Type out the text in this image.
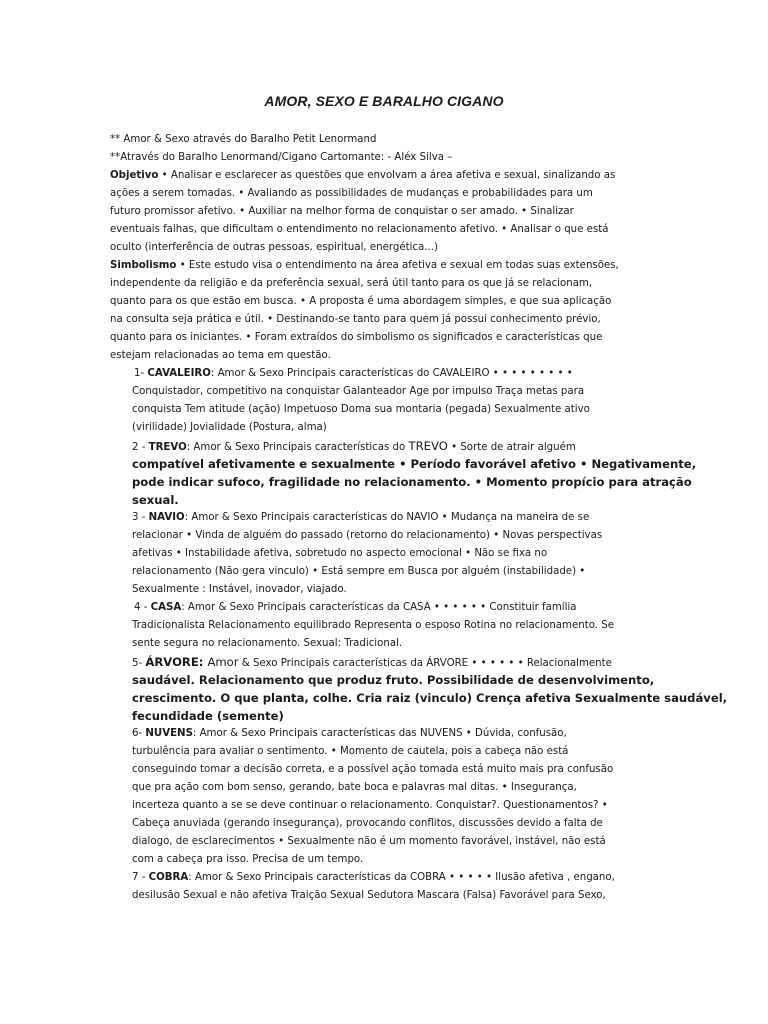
AMOR, SEXO E BARALHO CIGANO
** Amor & Sexo através do Baralho Petit Lenormand
**Através do Baralho Lenormand/Cigano Cartomante: - Aléx Silva –
Objetivo • Analisar e esclarecer as questões que envolvam a área afetiva e sexual, sinalizando as
ações a serem tomadas. • Avaliando as possibilidades de mudanças e probabilidades para um
futuro promissor afetivo. • Auxiliar na melhor forma de conquistar o ser amado. • Sinalizar
eventuais falhas, que dificultam o entendimento no relacionamento afetivo. • Analisar o que está
oculto (interferência de outras pessoas, espiritual, energética...)
Simbolismo • Este estudo visa o entendimento na área afetiva e sexual em todas suas extensões,
independente da religião e da preferência sexual, será útil tanto para os que já se relacionam,
quanto para os que estão em busca. • A proposta é uma abordagem simples, e que sua aplicação
na consulta seja prática e útil. • Destinando-se tanto para quem já possui conhecimento prévio,
quanto para os iniciantes. • Foram extraídos do simbolismo os significados e características que
estejam relacionadas ao tema em questão.
1- CAVALEIRO: Amor & Sexo Principais características do CAVALEIRO • • • • • • • • •
Conquistador, competitivo na conquistar Galanteador Age por impulso Traça metas para
conquista Tem atitude (ação) Impetuoso Doma sua montaria (pegada) Sexualmente ativo
(virilidade) Jovialidade (Postura, alma)
2 - TREVO: Amor & Sexo Principais características do TREVO • Sorte de atrair alguém
compatível afetivamente e sexualmente • Período favorável afetivo • Negativamente,
pode indicar sufoco, fragilidade no relacionamento. • Momento propício para atração
sexual.
3 - NAVIO: Amor & Sexo Principais características do NAVIO • Mudança na maneira de se
relacionar • Vinda de alguém do passado (retorno do relacionamento) • Novas perspectivas
afetivas • Instabilidade afetiva, sobretudo no aspecto emocional • Não se fixa no
relacionamento (Não gera vinculo) • Está sempre em Busca por alguém (instabilidade) •
Sexualmente : Instável, inovador, viajado.
4 - CASA: Amor & Sexo Principais características da CASA • • • • • • Constituir família
Tradicionalista Relacionamento equilibrado Representa o esposo Rotina no relacionamento. Se
sente segura no relacionamento. Sexual: Tradicional.
5- ÁRVORE: Amor & Sexo Principais características da ÁRVORE • • • • • • Relacionalmente
saudável. Relacionamento que produz fruto. Possibilidade de desenvolvimento,
crescimento. O que planta, colhe. Cria raiz (vinculo) Crença afetiva Sexualmente saudável,
fecundidade (semente)
6- NUVENS: Amor & Sexo Principais características das NUVENS • Dúvida, confusão,
turbulência para avaliar o sentimento. • Momento de cautela, pois a cabeça não está
conseguindo tomar a decisão correta, e a possível ação tomada está muito mais pra confusão
que pra ação com bom senso, gerando, bate boca e palavras mal ditas. • Insegurança,
incerteza quanto a se se deve continuar o relacionamento. Conquistar?. Questionamentos? •
Cabeça anuviada (gerando insegurança), provocando conflitos, discussões devido a falta de
dialogo, de esclarecimentos • Sexualmente não é um momento favorável, instável, não está
com a cabeça pra isso. Precisa de um tempo.
7 - COBRA: Amor & Sexo Principais características da COBRA • • • • • Ilusão afetiva , engano,
desilusão Sexual e não afetiva Traição Sexual Sedutora Mascara (Falsa) Favorável para Sexo,
